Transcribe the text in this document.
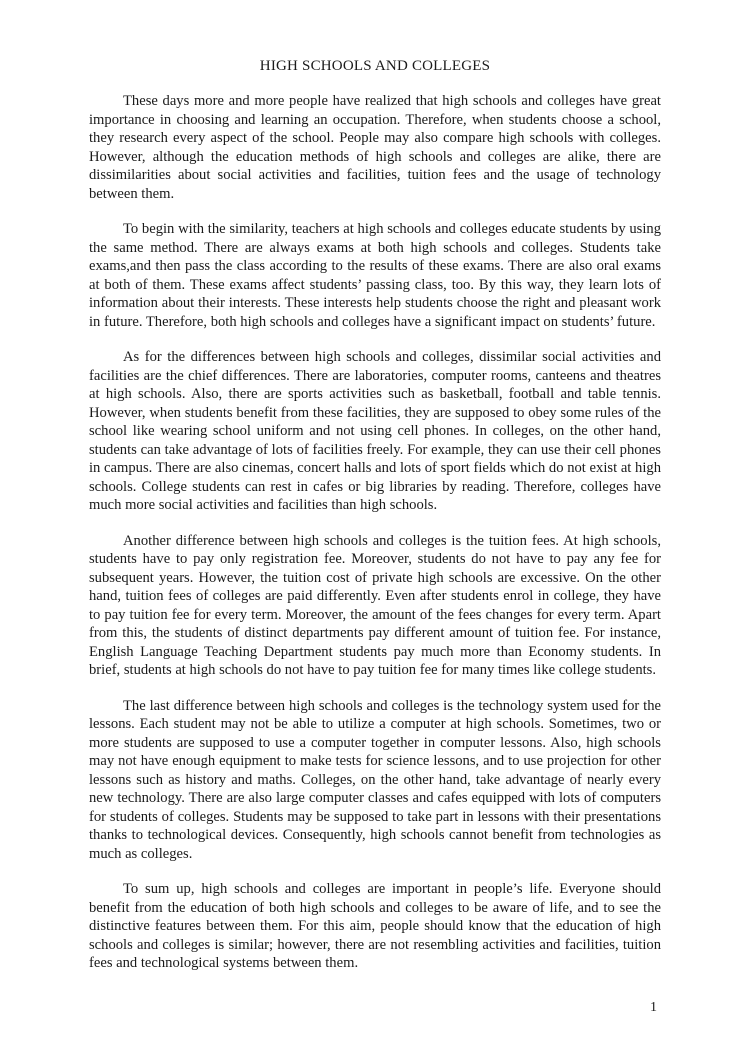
HIGH SCHOOLS AND COLLEGES

These days more and more people have realized that high schools and colleges have great importance in choosing and learning an occupation. Therefore, when students choose a school, they research every aspect of the school. People may also compare high schools with colleges. However, although the education methods of high schools and colleges are alike, there are dissimilarities about social activities and facilities, tuition fees and the usage of technology between them.

To begin with the similarity, teachers at high schools and colleges educate students by using the same method. There are always exams at both high schools and colleges. Students take exams,and then pass the class according to the results of these exams. There are also oral exams at both of them. These exams affect students’ passing class, too. By this way, they learn lots of information about their interests. These interests help students choose the right and pleasant work in future. Therefore, both high schools and colleges have a significant impact on students’ future.

As for the differences between high schools and colleges, dissimilar social activities and facilities are the chief differences. There are laboratories, computer rooms, canteens and theatres at high schools. Also, there are sports activities such as basketball, football and table tennis. However, when students benefit from these facilities, they are supposed to obey some rules of the school like wearing school uniform and not using cell phones. In colleges, on the other hand, students can take advantage of lots of facilities freely. For example, they can use their cell phones in campus. There are also cinemas, concert halls and lots of sport fields which do not exist at high schools. College students can rest in cafes or big libraries by reading. Therefore, colleges have much more social activities and facilities than high schools.

Another difference between high schools and colleges is the tuition fees. At high schools, students have to pay only registration fee. Moreover, students do not have to pay any fee for subsequent years. However, the tuition cost of private high schools are excessive. On the other hand, tuition fees of colleges are paid differently. Even after students enrol in college, they have to pay tuition fee for every term. Moreover, the amount of the fees changes for every term. Apart from this, the students of distinct departments pay different amount of tuition fee. For instance, English Language Teaching Department students pay much more than Economy students. In brief, students at high schools do not have to pay tuition fee for many times like college students.

The last difference between high schools and colleges is the technology system used for the lessons. Each student may not be able to utilize a computer at high schools. Sometimes, two or more students are supposed to use a computer together in computer lessons. Also, high schools may not have enough equipment to make tests for science lessons, and to use projection for other lessons such as history and maths. Colleges, on the other hand, take advantage of nearly every new technology. There are also large computer classes and cafes equipped with lots of computers for students of colleges. Students may be supposed to take part in lessons with their presentations thanks to technological devices. Consequently, high schools cannot benefit from technologies as much as colleges.

To sum up, high schools and colleges are important in people’s life. Everyone should benefit from the education of both high schools and colleges to be aware of life, and to see the distinctive features between them. For this aim, people should know that the education of high schools and colleges is similar; however, there are not resembling activities and facilities, tuition fees and technological systems between them.

1
